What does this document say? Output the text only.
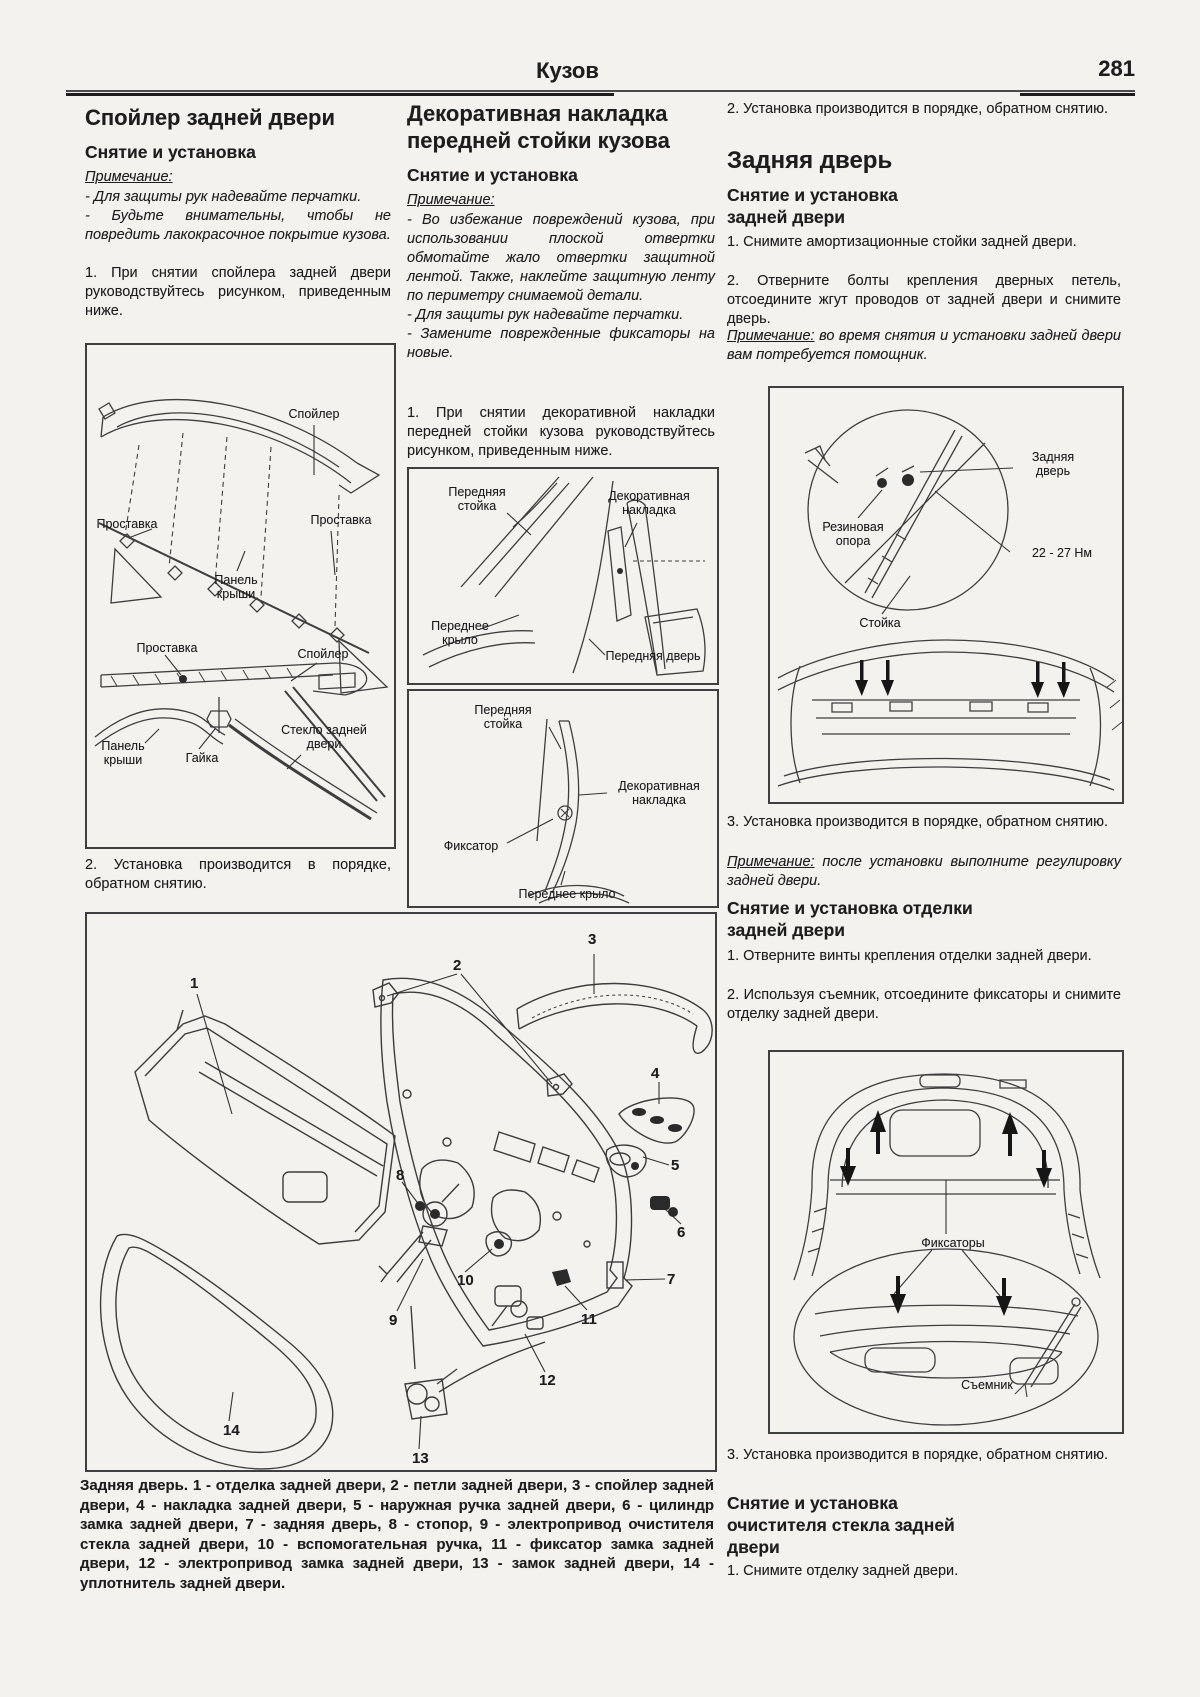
Кузов	281
Спойлер задней двери
Снятие и установка

Примечание:

- Для защиты рук надевайте перчатки.

- Будьте внимательны, чтобы не повредить лакокрасочное покрытие кузова.

1. При снятии спойлера задней двери руководствуйтесь рисунком, приведенным ниже.

Спойлер
Проставка	Проставка
Панель крыши
Проставка	Спойлер
Панель крыши	Гайка
Стекло задней двери

2. Установка производится в порядке, обратном снятию.

Декоративная накладка передней стойки кузова
Снятие и установка

Примечание:

- Во избежание повреждений кузова, при использовании плоской отвертки обмотайте жало отвертки защитной лентой. Также, наклейте защитную ленту по периметру снимаемой детали.

- Для защиты рук надевайте перчатки.

- Замените поврежденные фиксаторы на новые.

1. При снятии декоративной накладки передней стойки кузова руководствуйтесь рисунком, приведенным ниже.

Передняя стойка
Декоративная накладка
Переднее крыло
Передняя дверь
Передняя стойка
Декоративная накладка
Фиксатор
Переднее крыло

2. Установка производится в порядке, обратном снятию.

Задняя дверь
Снятие и установка задней двери

1. Снимите амортизационные стойки задней двери.

2. Отверните болты крепления дверных петель, отсоедините жгут проводов от задней двери и снимите дверь.

Примечание: во время снятия и установки задней двери вам потребуется помощник.

Задняя дверь
Резиновая опора
22 - 27 Нм
Стойка

3. Установка производится в порядке, обратном снятию.

Примечание: после установки выполните регулировку задней двери.

Снятие и установка отделки задней двери

1. Отверните винты крепления отделки задней двери.

2. Используя съемник, отсоедините фиксаторы и снимите отделку задней двери.

Фиксаторы
Съемник

3. Установка производится в порядке, обратном снятию.

Снятие и установка очистителя стекла задней двери

1. Снимите отделку задней двери.

1
2
3
4
5
6
7
8
9
10
11
12
13
14
Задняя дверь. 1 - отделка задней двери, 2 - петли задней двери, 3 - спойлер задней двери, 4 - накладка задней двери, 5 - наружная ручка задней двери, 6 - цилиндр замка задней двери, 7 - задняя дверь, 8 - стопор, 9 - электропривод очистителя стекла задней двери, 10 - вспомогательная ручка, 11 - фиксатор замка задней двери, 12 - электропривод замка задней двери, 13 - замок задней двери, 14 - уплотнитель задней двери.
